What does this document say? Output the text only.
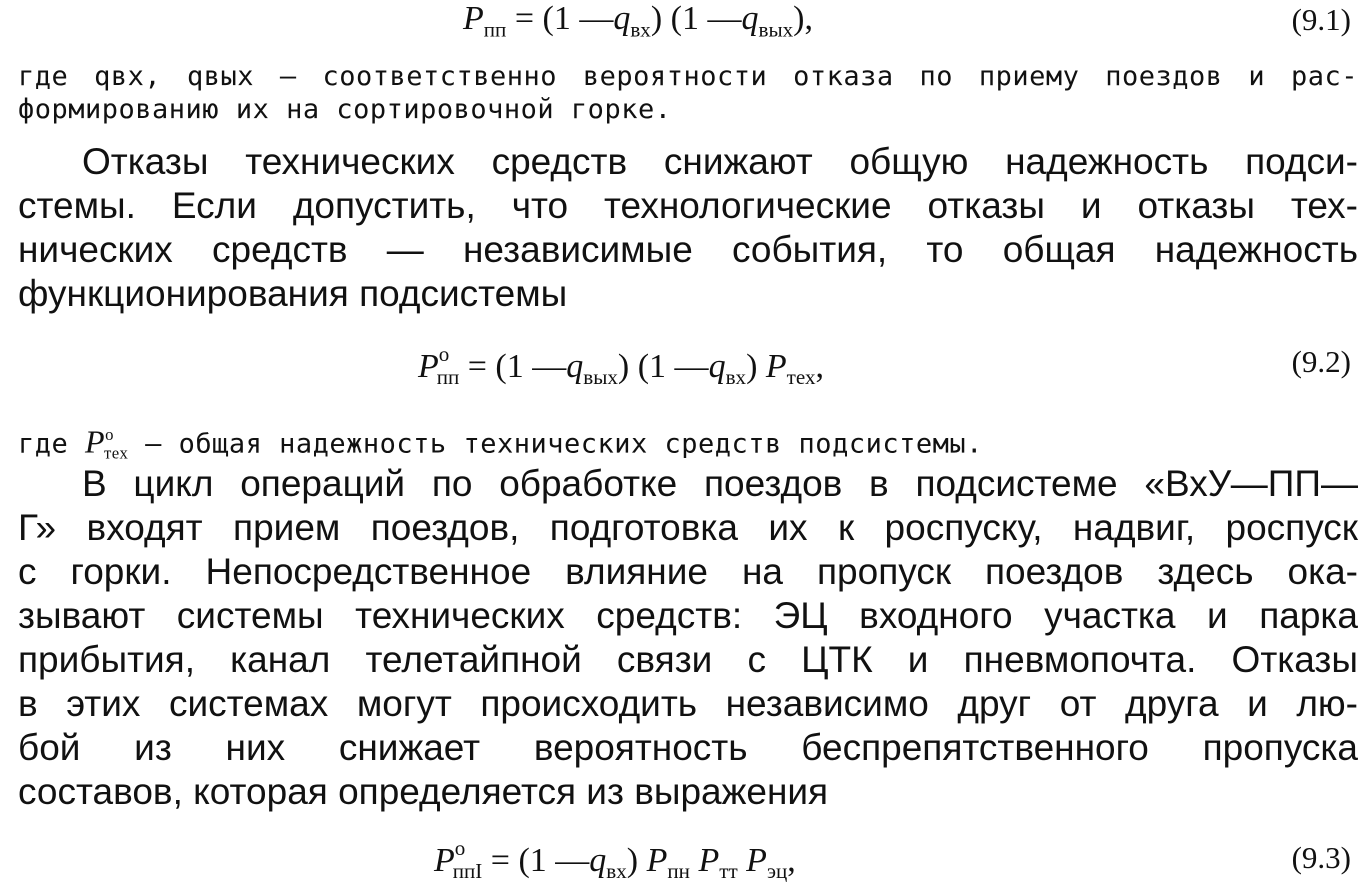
$P_{пп} = (1$ $—q_{вх}$) (1 $—q_{вых}$),	(9.1)
где qвх, qвых — соответственно вероятности отказа по приему поездов и рас-
формированию их на сортировочной горке.
Отказы технических средств снижают общую надежность подси-
стемы. Если допустить, что технологические отказы и отказы тех-
нических средств — независимые события, то общая надежность
функционирования подсистемы
$P^о_{пп} = (1$ $—q_{вых}$) (1 $—q_{вх}$) $P_{тех}$,	(9.2)
где $P^о_{тех}$ — общая надежность технических средств подсистемы.
В цикл операций по обработке поездов в подсистеме «ВхУ—ПП—
Г» входят прием поездов, подготовка их к роспуску, надвиг, роспуск
с горки. Непосредственное влияние на пропуск поездов здесь ока-
зывают системы технических средств: ЭЦ входного участка и парка
прибытия, канал телетайпной связи с ЦТК и пневмопочта. Отказы
в этих системах могут происходить независимо друг от друга и лю-
бой из них снижает вероятность беспрепятственного пропуска
составов, которая определяется из выражения
$P^о_{ппI} = (1$ $—q_{вх}$) $P_{пн}$ $P_{тт}$ $P_{эц}$,	(9.3)
